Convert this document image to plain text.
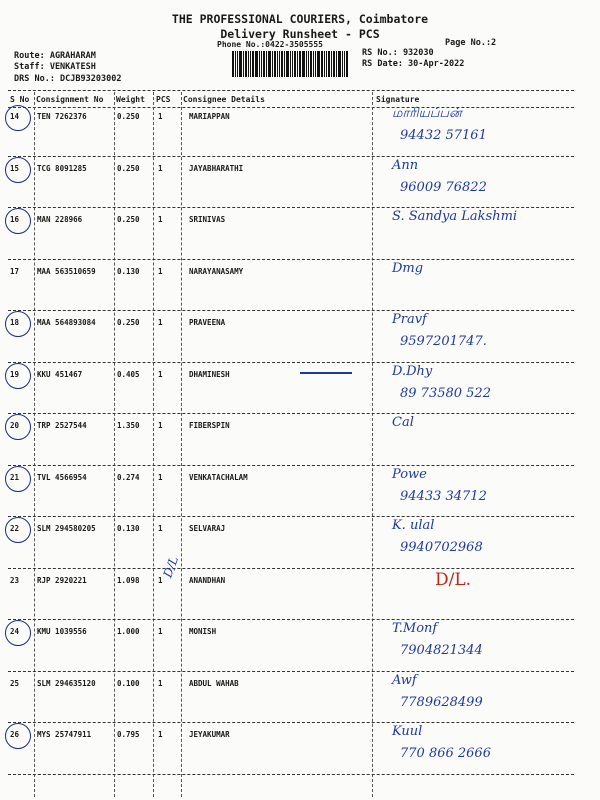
THE PROFESSIONAL COURIERS, Coimbatore
Delivery Runsheet - PCS
Phone No.:0422-3505555	Page No.:2
Route: AGRAHARAM
Staff: VENKATESH
DRS No.: DCJB93203002
RS No.: 932030
RS Date: 30-Apr-2022
S No Consignment No Weight PCS Consignee Details	Signature
14 TEN 7262376	0.250 1	MARIAPPAN	மாரியப்பன்
94432 57161
15 TCG 8091285	0.250 1	JAYABHARATHI	Ann
96009 76822
16 MAN 228966	0.250 1	SRINIVAS	S. Sandya Lakshmi
17 MAA 563510659	0.130 1	NARAYANASAMY	Dmg
18 MAA 564893084	0.250 1	PRAVEENA	Pravf
9597201747.
19 KKU 451467	0.405 1	DHAMINESH	D.Dhy
89 73580 522
20 TRP 2527544	1.350 1	FIBERSPIN	Cal
21 TVL 4566954	0.274 1	VENKATACHALAM	Powe
94433 34712
22 SLM 294580205	0.130 1	SELVARAJ	K. ulal
9940702968
23 RJP 2920221	1.098 1	ANANDHAN	D/L.
24 KMU 1039556	1.000 1	MONISH	T.Monf
7904821344
25 SLM 294635120	0.100 1	ABDUL WAHAB	Awf
7789628499
26 MYS 25747911	0.795 1	JEYAKUMAR	Kuul
770 866 2666
D/L
